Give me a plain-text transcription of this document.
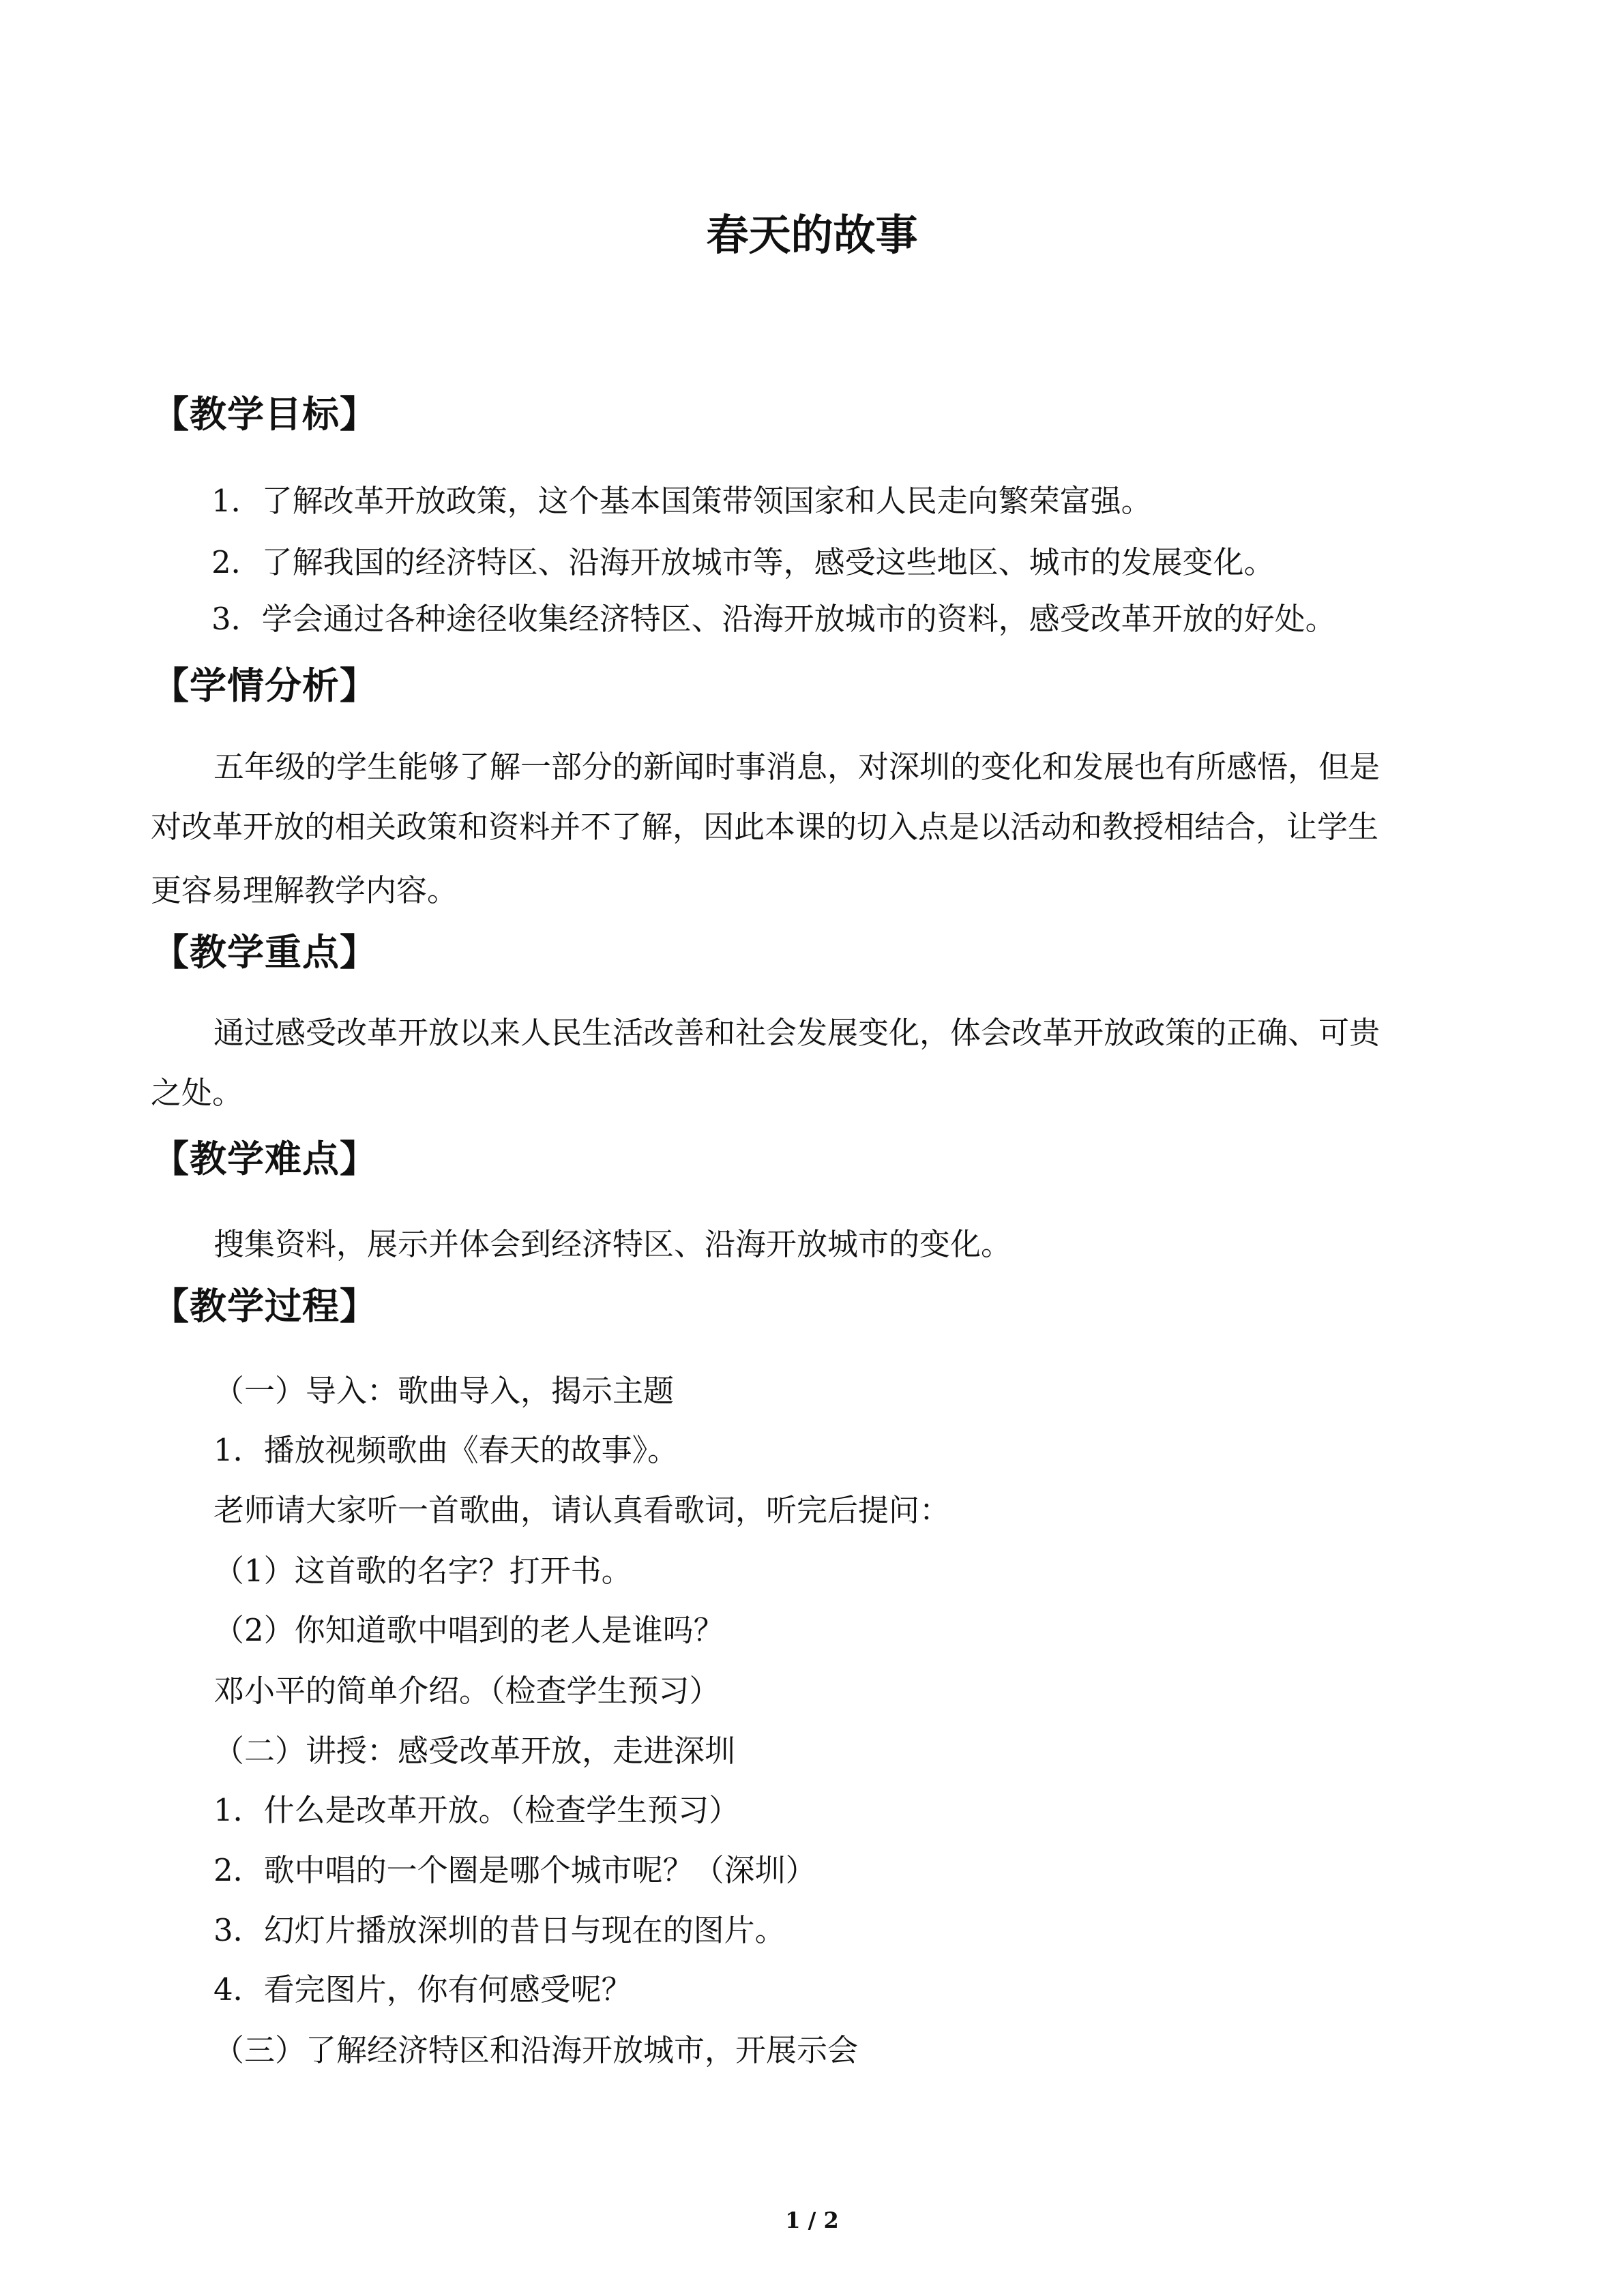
春天的故事
【教学目标】
1．了解改革开放政策，这个基本国策带领国家和人民走向繁荣富强。
2．了解我国的经济特区、沿海开放城市等，感受这些地区、城市的发展变化。
3．学会通过各种途径收集经济特区、沿海开放城市的资料，感受改革开放的好处。
【学情分析】
五年级的学生能够了解一部分的新闻时事消息，对深圳的变化和发展也有所感悟，但是
对改革开放的相关政策和资料并不了解，因此本课的切入点是以活动和教授相结合，让学生
更容易理解教学内容。
【教学重点】
通过感受改革开放以来人民生活改善和社会发展变化，体会改革开放政策的正确、可贵
之处。
【教学难点】
搜集资料，展示并体会到经济特区、沿海开放城市的变化。
【教学过程】
（一）导入：歌曲导入，揭示主题
1．播放视频歌曲《春天的故事》。
老师请大家听一首歌曲，请认真看歌词，听完后提问：
（1）这首歌的名字？打开书。
（2）你知道歌中唱到的老人是谁吗？
邓小平的简单介绍。（检查学生预习）
（二）讲授：感受改革开放，走进深圳
1．什么是改革开放。（检查学生预习）
2．歌中唱的一个圈是哪个城市呢？（深圳）
3．幻灯片播放深圳的昔日与现在的图片。
4．看完图片，你有何感受呢？
（三）了解经济特区和沿海开放城市，开展示会
1 / 2
